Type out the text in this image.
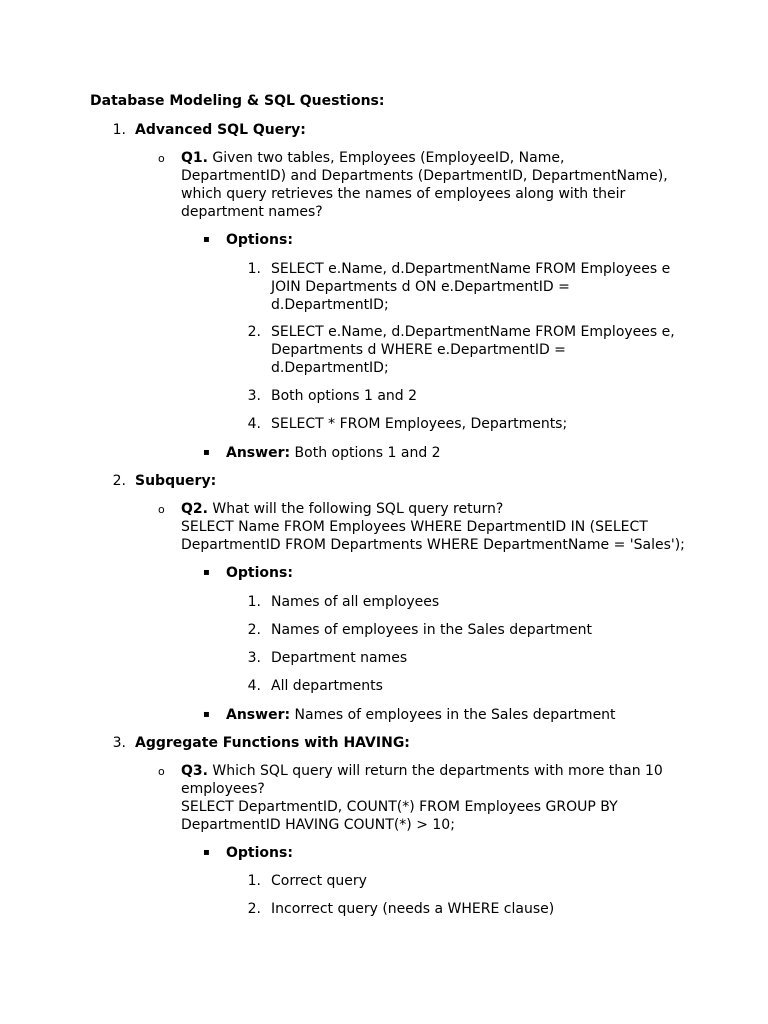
Database Modeling & SQL Questions:
1. Advanced SQL Query:
o Q1. Given two tables, Employees (EmployeeID, Name,
DepartmentID) and Departments (DepartmentID, DepartmentName),
which query retrieves the names of employees along with their
department names?
▪ Options:
1. SELECT e.Name, d.DepartmentName FROM Employees e
JOIN Departments d ON e.DepartmentID =
d.DepartmentID;
2. SELECT e.Name, d.DepartmentName FROM Employees e,
Departments d WHERE e.DepartmentID =
d.DepartmentID;
3. Both options 1 and 2
4. SELECT * FROM Employees, Departments;
▪ Answer: Both options 1 and 2
2. Subquery:
o Q2. What will the following SQL query return?
SELECT Name FROM Employees WHERE DepartmentID IN (SELECT
DepartmentID FROM Departments WHERE DepartmentName = 'Sales');
▪ Options:
1. Names of all employees
2. Names of employees in the Sales department
3. Department names
4. All departments
▪ Answer: Names of employees in the Sales department
3. Aggregate Functions with HAVING:
o Q3. Which SQL query will return the departments with more than 10
employees?
SELECT DepartmentID, COUNT(*) FROM Employees GROUP BY
DepartmentID HAVING COUNT(*) > 10;
▪ Options:
1. Correct query
2. Incorrect query (needs a WHERE clause)
